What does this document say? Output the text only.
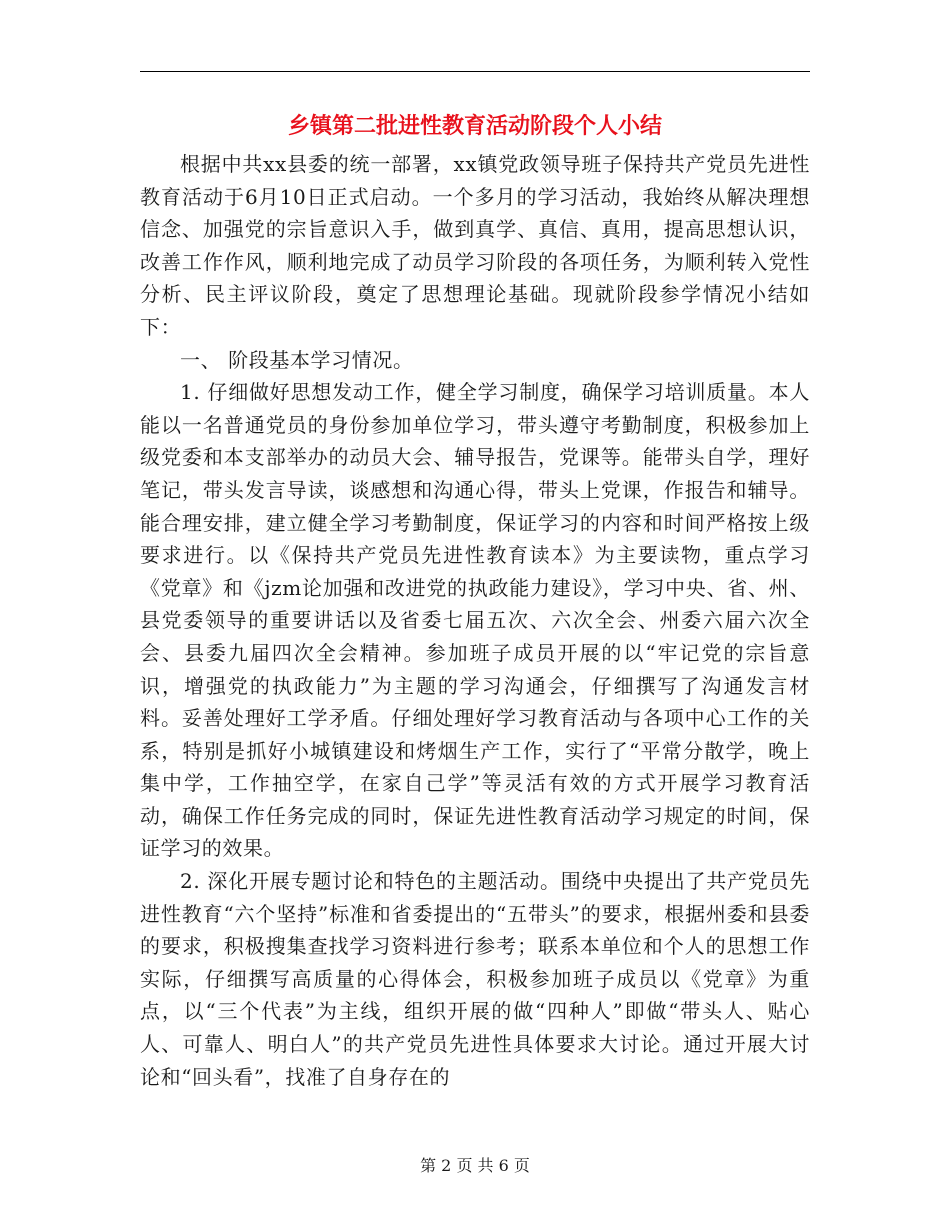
乡镇第二批进性教育活动阶段个人小结

根据中共xx县委的统一部署，xx镇党政领导班子保持共产党员先进性教育活动于6月10日正式启动。一个多月的学习活动，我始终从解决理想信念、加强党的宗旨意识入手，做到真学、真信、真用，提高思想认识，改善工作作风，顺利地完成了动员学习阶段的各项任务，为顺利转入党性分析、民主评议阶段，奠定了思想理论基础。现就阶段参学情况小结如下：

一、 阶段基本学习情况。

1. 仔细做好思想发动工作，健全学习制度，确保学习培训质量。本人能以一名普通党员的身份参加单位学习，带头遵守考勤制度，积极参加上级党委和本支部举办的动员大会、辅导报告，党课等。能带头自学，理好笔记，带头发言导读，谈感想和沟通心得，带头上党课，作报告和辅导。能合理安排，建立健全学习考勤制度，保证学习的内容和时间严格按上级要求进行。以《保持共产党员先进性教育读本》为主要读物，重点学习《党章》和《jzm论加强和改进党的执政能力建设》，学习中央、省、州、县党委领导的重要讲话以及省委七届五次、六次全会、州委六届六次全会、县委九届四次全会精神。参加班子成员开展的以“牢记党的宗旨意识，增强党的执政能力”为主题的学习沟通会，仔细撰写了沟通发言材料。妥善处理好工学矛盾。仔细处理好学习教育活动与各项中心工作的关系，特别是抓好小城镇建设和烤烟生产工作，实行了“平常分散学，晚上集中学，工作抽空学，在家自己学”等灵活有效的方式开展学习教育活动，确保工作任务完成的同时，保证先进性教育活动学习规定的时间，保证学习的效果。

2. 深化开展专题讨论和特色的主题活动。围绕中央提出了共产党员先进性教育“六个坚持”标准和省委提出的“五带头”的要求，根据州委和县委的要求，积极搜集查找学习资料进行参考；联系本单位和个人的思想工作实际，仔细撰写高质量的心得体会，积极参加班子成员以《党章》为重点，以“三个代表”为主线，组织开展的做“四种人”即做“带头人、贴心人、可靠人、明白人”的共产党员先进性具体要求大讨论。通过开展大讨论和“回头看”，找准了自身存在的

第 2 页 共 6 页
